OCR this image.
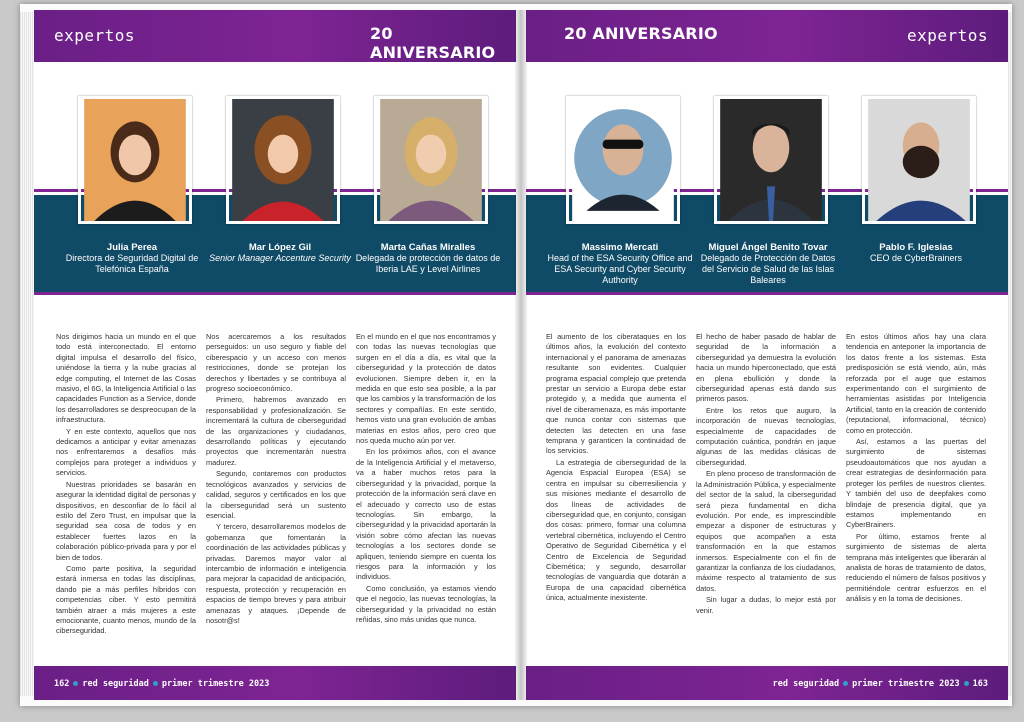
expertos	20 ANIVERSARIO
Julia Perea
Directora de Seguridad Digital de Telefónica España
Mar López Gil
Senior Manager Accenture Security
Marta Cañas Miralles
Delegada de protección de datos de Iberia LAE y Level Airlines

Nos dirigimos hacia un mundo en el que todo está interconectado. El entorno digital impulsa el desarrollo del físico, uniéndose la tierra y la nube gracias al edge computing, el Internet de las Cosas masivo, el 6G, la Inteligencia Artificial o las capacidades Function as a Service, donde los desarrolladores se despreocupan de la infraestructura.

Y en este contexto, aquellos que nos dedicamos a anticipar y evitar amenazas nos enfrentaremos a desafíos más complejos para proteger a individuos y servicios.

Nuestras prioridades se basarán en asegurar la identidad digital de personas y dispositivos, en desconfiar de lo fácil al estilo del Zero Trust, en impulsar que la seguridad sea cosa de todos y en establecer fuertes lazos en la colaboración público-privada para y por el bien de todos.

Como parte positiva, la seguridad estará inmersa en todas las disciplinas, dando pie a más perfiles híbridos con competencias ciber. Y esto permitirá también atraer a más mujeres a este emocionante, cuanto menos, mundo de la ciberseguridad.

Nos acercaremos a los resultados perseguidos: un uso seguro y fiable del ciberespacio y un acceso con menos restricciones, donde se protejan los derechos y libertades y se contribuya al progreso socioeconómico.

Primero, habremos avanzado en responsabilidad y profesionalización. Se incrementará la cultura de ciberseguridad de las organizaciones y ciudadanos, desarrollando políticas y ejecutando proyectos que incrementarán nuestra madurez.

Segundo, contaremos con productos tecnológicos avanzados y servicios de calidad, seguros y certificados en los que la ciberseguridad será un sustento esencial.

Y tercero, desarrollaremos modelos de gobernanza que fomentarán la coordinación de las actividades públicas y privadas. Daremos mayor valor al intercambio de información e inteligencia para mejorar la capacidad de anticipación, respuesta, protección y recuperación en espacios de tiempo breves y para atribuir amenazas y ataques. ¡Depende de nosotr@s!

En el mundo en el que nos encontramos y con todas las nuevas tecnologías que surgen en el día a día, es vital que la ciberseguridad y la protección de datos evolucionen. Siempre deben ir, en la medida en que esto sea posible, a la par que los cambios y la transformación de los sectores y compañías. En este sentido, hemos visto una gran evolución de ambas materias en estos años, pero creo que nos queda mucho aún por ver.

En los próximos años, con el avance de la Inteligencia Artificial y el metaverso, va a haber muchos retos para la ciberseguridad y la privacidad, porque la protección de la información será clave en el adecuado y correcto uso de estas tecnologías. Sin embargo, la ciberseguridad y la privacidad aportarán la visión sobre cómo afectan las nuevas tecnologías a los sectores donde se apliquen, teniendo siempre en cuenta los riesgos para la información y los individuos.

Como conclusión, ya estamos viendo que el negocio, las nuevas tecnologías, la ciberseguridad y la privacidad no están reñidas, sino más unidas que nunca.

162 red seguridad primer trimestre 2023
20 ANIVERSARIO	expertos
Massimo Mercati
Head of the ESA Security Office and ESA Security and Cyber Security Authority
Miguel Ángel Benito Tovar
Delegado de Protección de Datos del Servicio de Salud de las Islas Baleares
Pablo F. Iglesias
CEO de CyberBrainers

El aumento de los ciberataques en los últimos años, la evolución del contexto internacional y el panorama de amenazas resultante son evidentes. Cualquier programa espacial complejo que pretenda prestar un servicio a Europa debe estar protegido y, a medida que aumenta el nivel de ciberamenaza, es más importante que nunca contar con sistemas que detecten las detecten en una fase temprana y garanticen la continuidad de los servicios.

La estrategia de ciberseguridad de la Agencia Espacial Europea (ESA) se centra en impulsar su ciberresiliencia y sus misiones mediante el desarrollo de dos líneas de actividades de ciberseguridad que, en conjunto, consigan dos cosas: primero, formar una columna vertebral cibernética, incluyendo el Centro Operativo de Seguridad Cibernética y el Centro de Excelencia de Seguridad Cibernética; y segundo, desarrollar tecnologías de vanguardia que dotarán a Europa de una capacidad cibernética única, actualmente inexistente.

El hecho de haber pasado de hablar de seguridad de la información a ciberseguridad ya demuestra la evolución hacia un mundo hiperconectado, que está en plena ebullición y donde la ciberseguridad apenas está dando sus primeros pasos.

Entre los retos que auguro, la incorporación de nuevas tecnologías, especialmente de capacidades de computación cuántica, pondrán en jaque algunas de las medidas clásicas de ciberseguridad.

En pleno proceso de transformación de la Administración Pública, y especialmente del sector de la salud, la ciberseguridad será pieza fundamental en dicha evolución. Por ende, es imprescindible empezar a disponer de estructuras y equipos que acompañen a esta transformación en la que estamos inmersos. Especialmente con el fin de garantizar la confianza de los ciudadanos, máxime respecto al tratamiento de sus datos.

Sin lugar a dudas, lo mejor está por venir.

En estos últimos años hay una clara tendencia en anteponer la importancia de los datos frente a los sistemas. Esta predisposición se está viendo, aún, más reforzada por el auge que estamos experimentando con el surgimiento de herramientas asistidas por Inteligencia Artificial, tanto en la creación de contenido (reputacional, informacional, técnico) como en protección.

Así, estamos a las puertas del surgimiento de sistemas pseudoautomáticos que nos ayudan a crear estrategias de desinformación para proteger los perfiles de nuestros clientes. Y también del uso de deepfakes como blindaje de presencia digital, que ya estamos implementando en CyberBrainers.

Por último, estamos frente al surgimiento de sistemas de alerta temprana más inteligentes que liberarán al analista de horas de tratamiento de datos, reduciendo el número de falsos positivos y permitiéndole centrar esfuerzos en el análisis y en la toma de decisiones.

red seguridad primer trimestre 2023 163
